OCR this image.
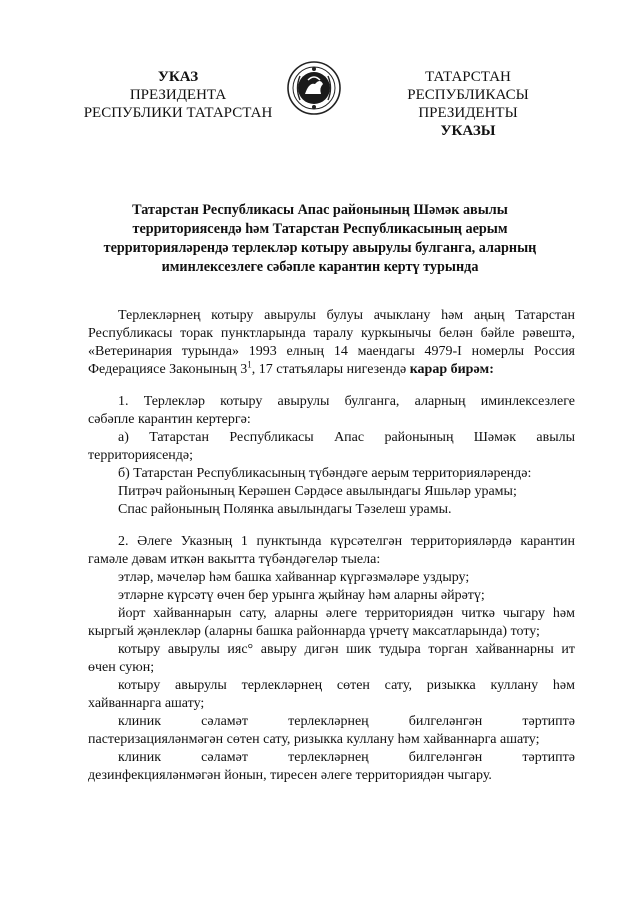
УКАЗ
ПРЕЗИДЕНТА
РЕСПУБЛИКИ ТАТАРСТАН
ТАТАРСТАН РЕСПУБЛИКАСЫ
ПРЕЗИДЕНТЫ
УКАЗЫ
Татарстан Республикасы Апас районының Шәмәк авылы
территориясендә һәм Татарстан Республикасының аерым
территорияләрендә терлекләр котыру авырулы булганга, аларның
иминлексезлеге сәбәпле карантин кертү турында
Терлекләрнең котыру авырулы булуы ачыклану һәм аңың Татарстан
Республикасы торак пунктларында таралу куркынычы белән бәйле рәвештә,
«Ветеринария турында» 1993 елның 14 маендагы 4979-I номерлы Россия
Федерациясе Законының $3^1$, 17 статьялары нигезендә карар бирәм:
1. Терлекләр котыру авырулы булганга, аларның иминлексезлеге
сәбәпле карантин кертергә:
а) Татарстан Республикасы Апас районының Шәмәк авылы
территориясендә;
б) Татарстан Республикасының түбәндәге аерым территорияләрендә:
Питрәч районының Керәшен Сәрдәсе авылындагы Яшьләр урамы;
Спас районының Полянка авылындагы Тәзелеш урамы.
2. Әлеге Указның 1 пунктында күрсәтелгән территорияләрдә карантин
гамәле дәвам иткән вакытта түбәндәгеләр тыела:
этләр, мәчеләр һәм башка хайваннар күргәзмәләре уздыру;
этләрне күрсәтү өчен бер урынга җыйнау һәм аларны әйрәтү;
йорт хайваннарын сату, аларны әлеге территориядән читкә чыгару һәм
кыргый җәнлекләр (аларны башка районнарда үрчетү максатларында) тоту;
котыру авырулы ияс° авыру дигән шик тудыра торган хайваннарны ит
өчен суюн;
котыру авырулы терлекләрнең сөтен сату, ризыкка куллану һәм
хайваннарга ашату;
клиник сәламәт терлекләрнең билгеләнгән тәртиптә
пастеризацияләнмәгән сөтен сату, ризыкка куллану һәм хайваннарга ашату;
клиник сәламәт терлекләрнең билгеләнгән тәртиптә
дезинфекцияләнмәгән йонын, тиресен әлеге территориядән чыгару.
